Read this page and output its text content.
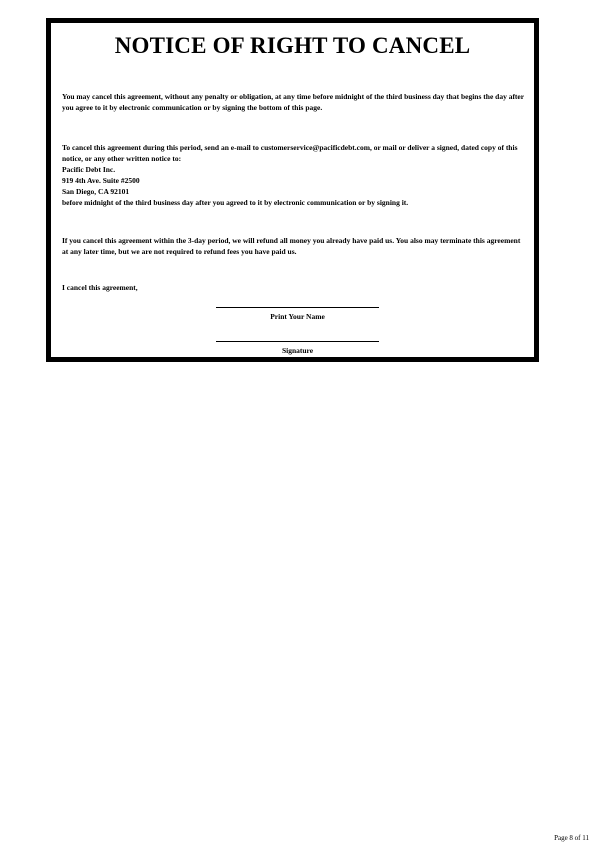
NOTICE OF RIGHT TO CANCEL

You may cancel this agreement, without any penalty or obligation, at any time before midnight of the third business day that begins the day after you agree to it by electronic communication or by signing the bottom of this page.

To cancel this agreement during this period, send an e-mail to customerservice@pacificdebt.com, or mail or deliver a signed, dated copy of this notice, or any other written notice to:
Pacific Debt Inc.
919 4th Ave. Suite #2500
San Diego, CA 92101
before midnight of the third business day after you agreed to it by electronic communication or by signing it.

If you cancel this agreement within the 3-day period, we will refund all money you already have paid us. You also may terminate this agreement at any later time, but we are not required to refund fees you have paid us.

I cancel this agreement,

Print Your Name
Signature
Page 8 of 11
